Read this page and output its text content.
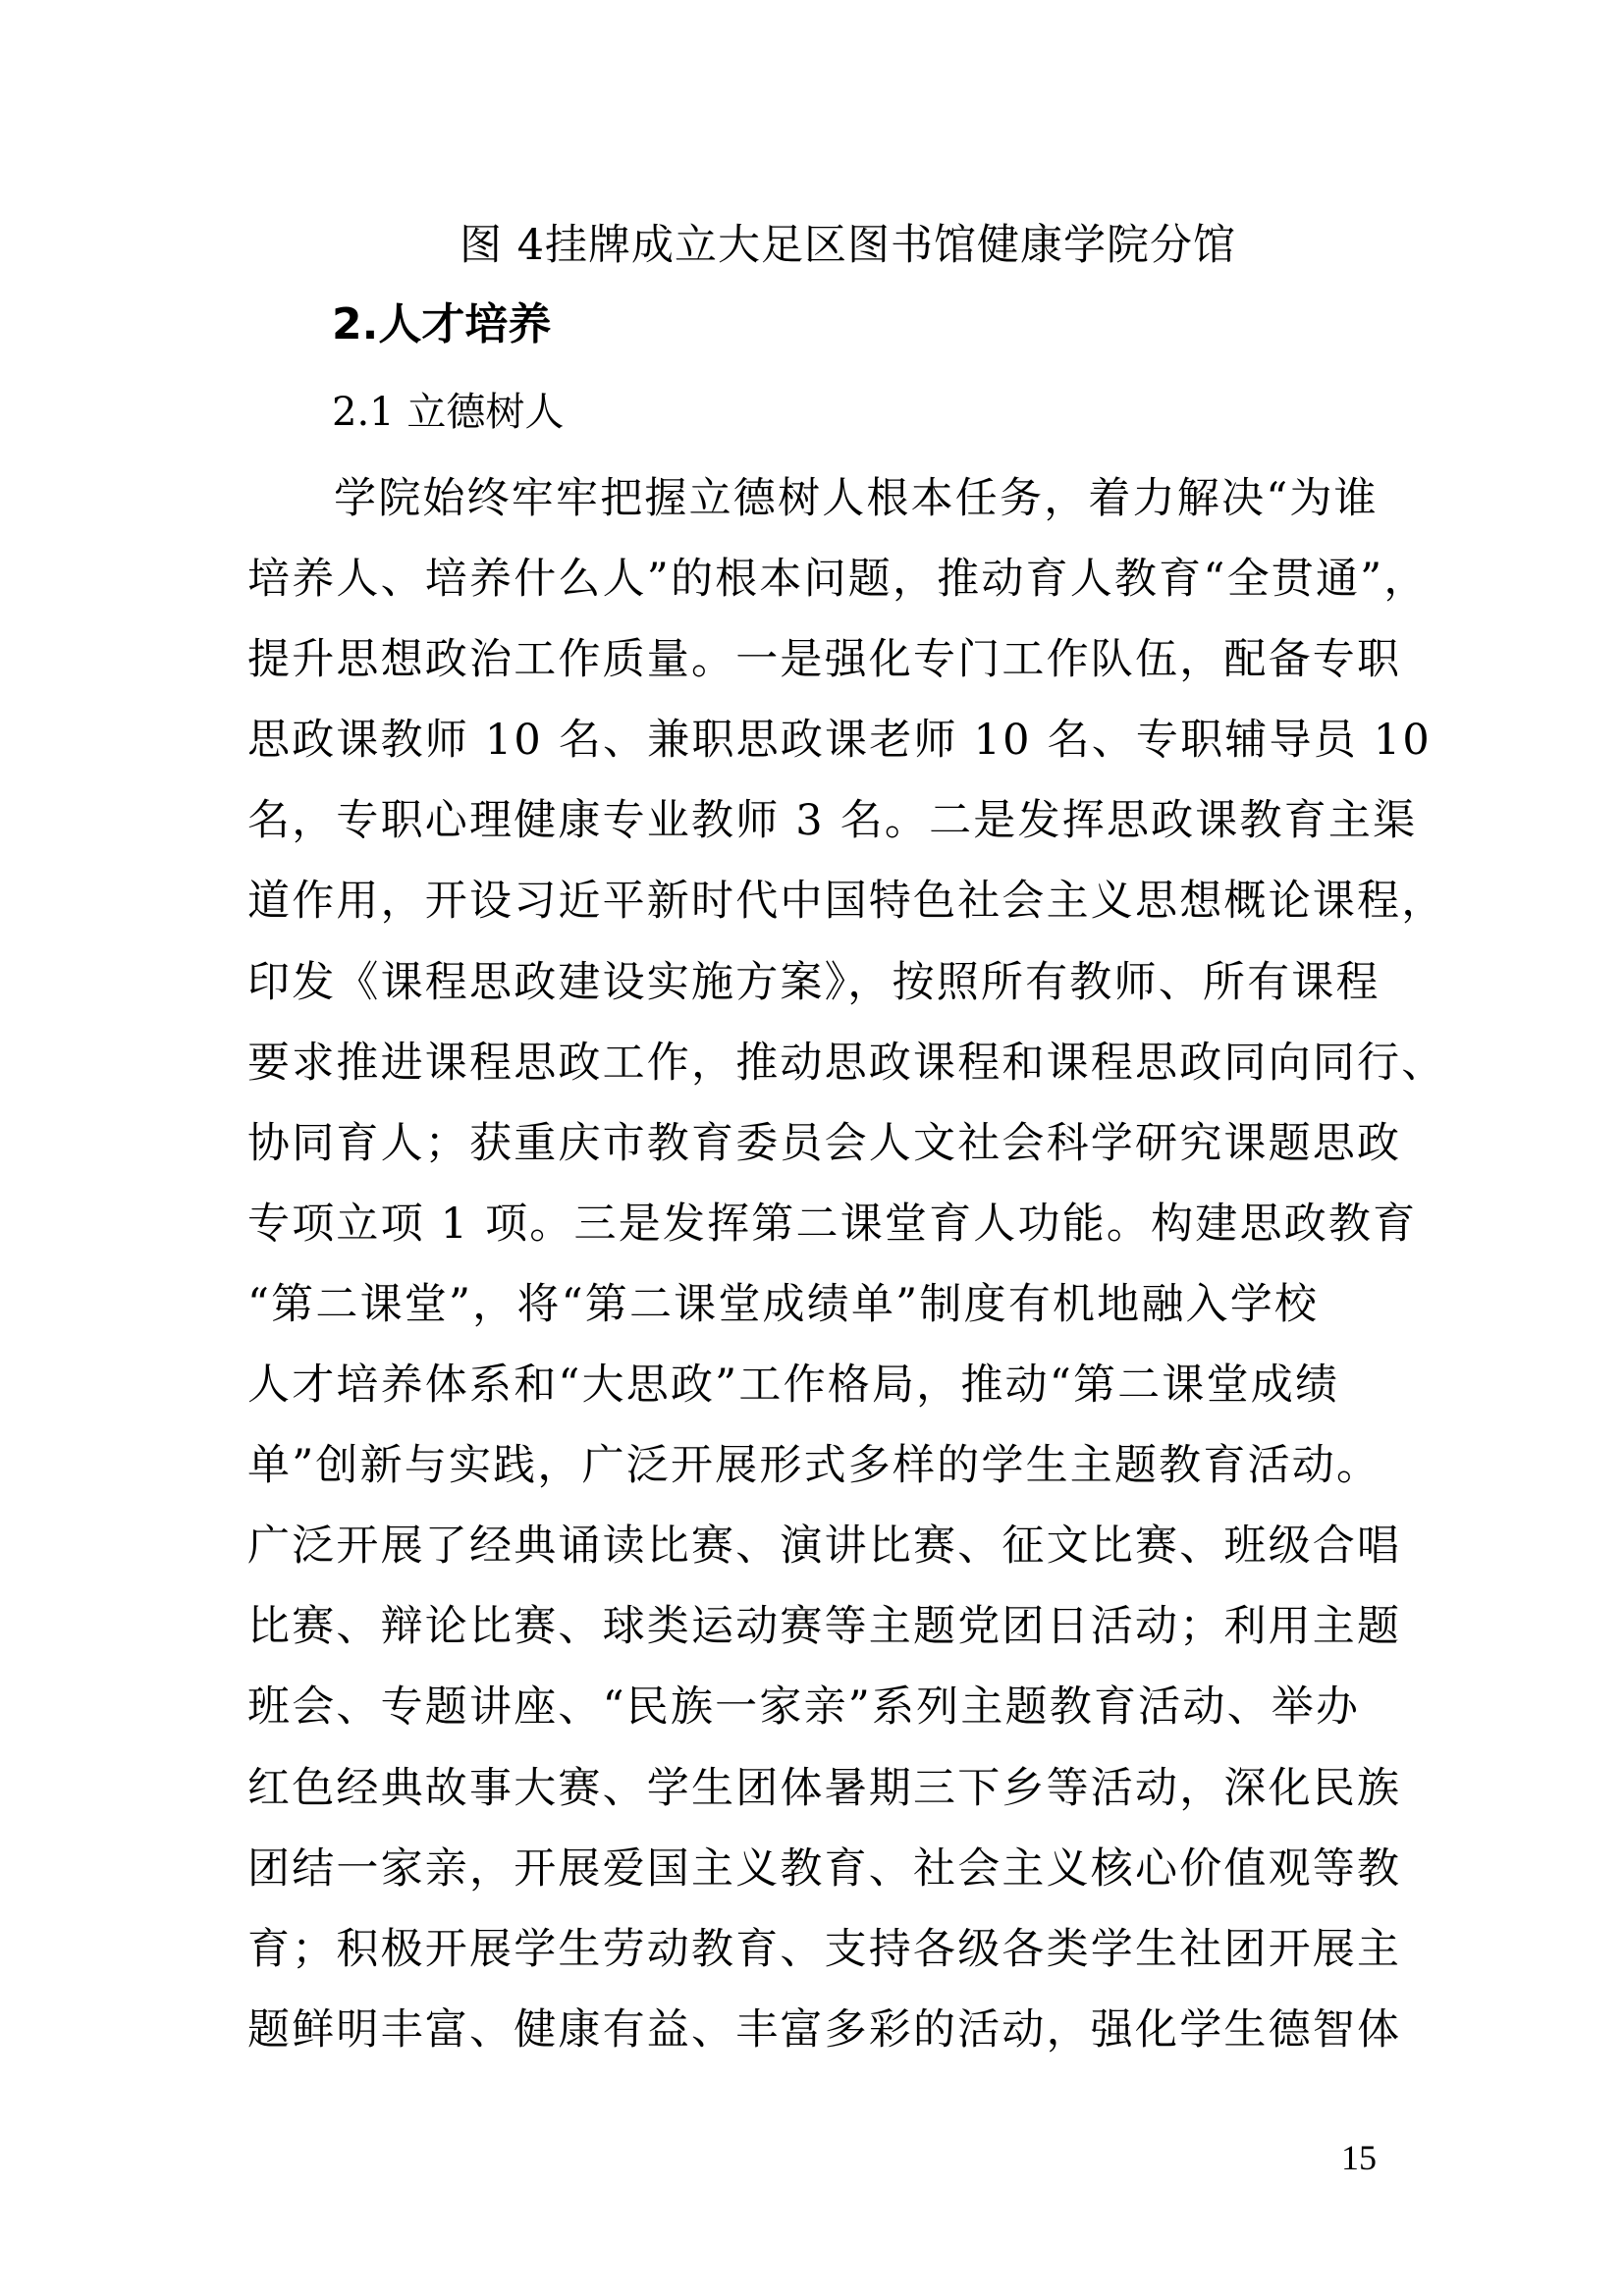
图 4挂牌成立大足区图书馆健康学院分馆
2.人才培养
2.1 立德树人
学院始终牢牢把握立德树人根本任务，着力解决“为谁
培养人、培养什么人”的根本问题，推动育人教育“全贯通”，
提升思想政治工作质量。一是强化专门工作队伍，配备专职
思政课教师 10 名、兼职思政课老师 10 名、专职辅导员 10
名，专职心理健康专业教师 3 名。二是发挥思政课教育主渠
道作用，开设习近平新时代中国特色社会主义思想概论课程，
印发《课程思政建设实施方案》，按照所有教师、所有课程
要求推进课程思政工作，推动思政课程和课程思政同向同行、
协同育人；获重庆市教育委员会人文社会科学研究课题思政
专项立项 1 项。三是发挥第二课堂育人功能。构建思政教育
“第二课堂”，将“第二课堂成绩单”制度有机地融入学校
人才培养体系和“大思政”工作格局，推动“第二课堂成绩
单”创新与实践，广泛开展形式多样的学生主题教育活动。
广泛开展了经典诵读比赛、演讲比赛、征文比赛、班级合唱
比赛、辩论比赛、球类运动赛等主题党团日活动；利用主题
班会、专题讲座、“民族一家亲”系列主题教育活动、举办
红色经典故事大赛、学生团体暑期三下乡等活动，深化民族
团结一家亲，开展爱国主义教育、社会主义核心价值观等教
育；积极开展学生劳动教育、支持各级各类学生社团开展主
题鲜明丰富、健康有益、丰富多彩的活动，强化学生德智体
15
